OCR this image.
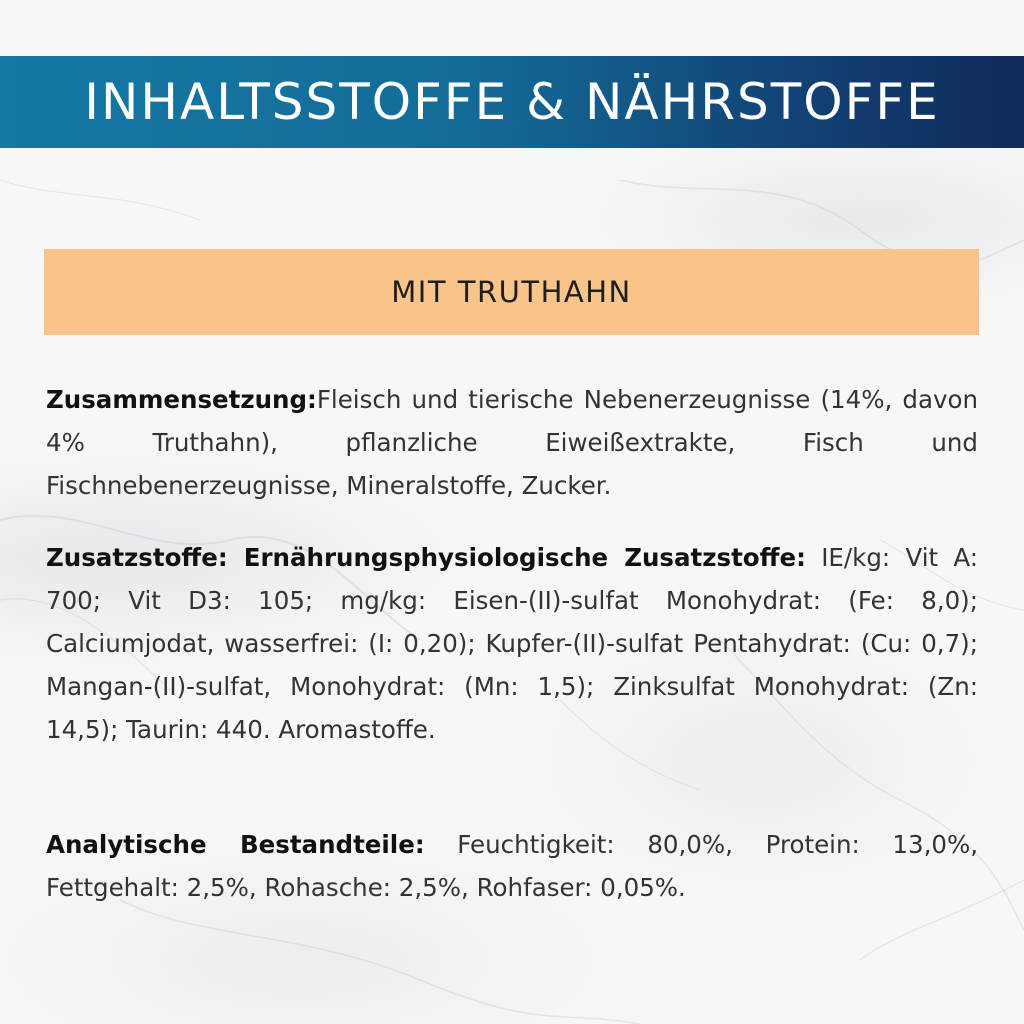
INHALTSSTOFFE & NÄHRSTOFFE
MIT TRUTHAHN
Zusammensetzung:Fleisch und tierische Nebenerzeugnisse (14%, davon 4% Truthahn), pflanzliche Eiweißextrakte, Fisch und Fischnebenerzeugnisse, Mineralstoffe, Zucker.
Zusatzstoffe: Ernährungsphysiologische Zusatzstoffe: IE/kg: Vit A: 700; Vit D3: 105; mg/kg: Eisen-(II)-sulfat Monohydrat: (Fe: 8,0); Calciumjodat, wasserfrei: (I: 0,20); Kupfer-(II)-sulfat Pentahydrat: (Cu: 0,7); Mangan-(II)-sulfat, Monohydrat: (Mn: 1,5); Zinksulfat Monohydrat: (Zn: 14,5); Taurin: 440. Aromastoffe.
Analytische Bestandteile: Feuchtigkeit: 80,0%, Protein: 13,0%, Fettgehalt: 2,5%, Rohasche: 2,5%, Rohfaser: 0,05%.
